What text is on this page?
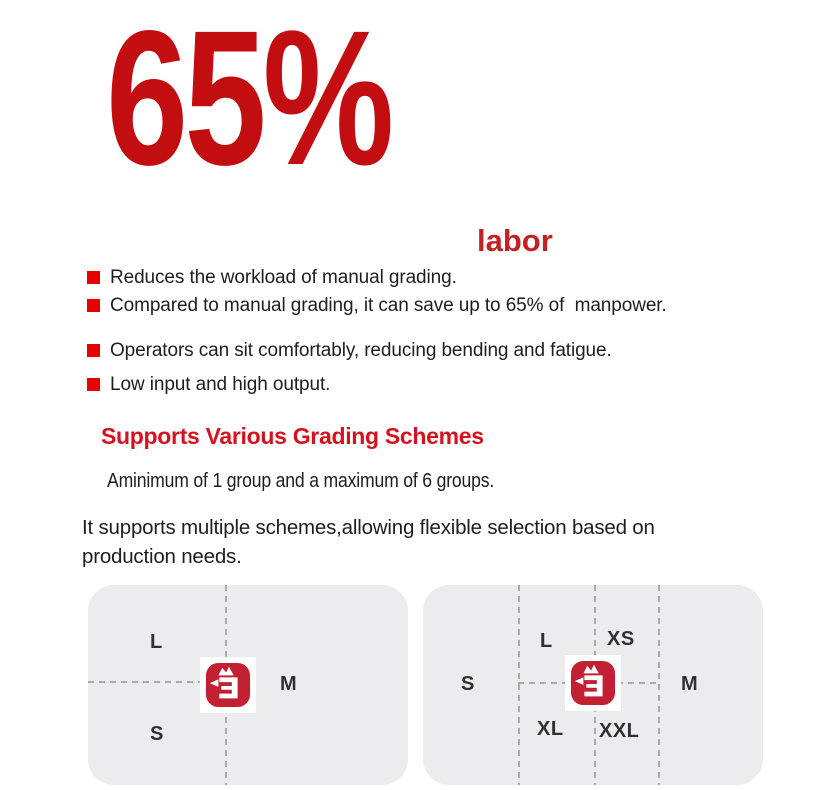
65%
labor
Reduces the workload of manual grading.
Compared to manual grading, it can save up to 65% of  manpower.
Operators can sit comfortably, reducing bending and fatigue.
Low input and high output.
Supports Various Grading Schemes
Aminimum of 1 group and a maximum of 6 groups.
It supports multiple schemes,allowing flexible selection based on
production needs.
L
M
S
S
L	XS
M
XL XXL
